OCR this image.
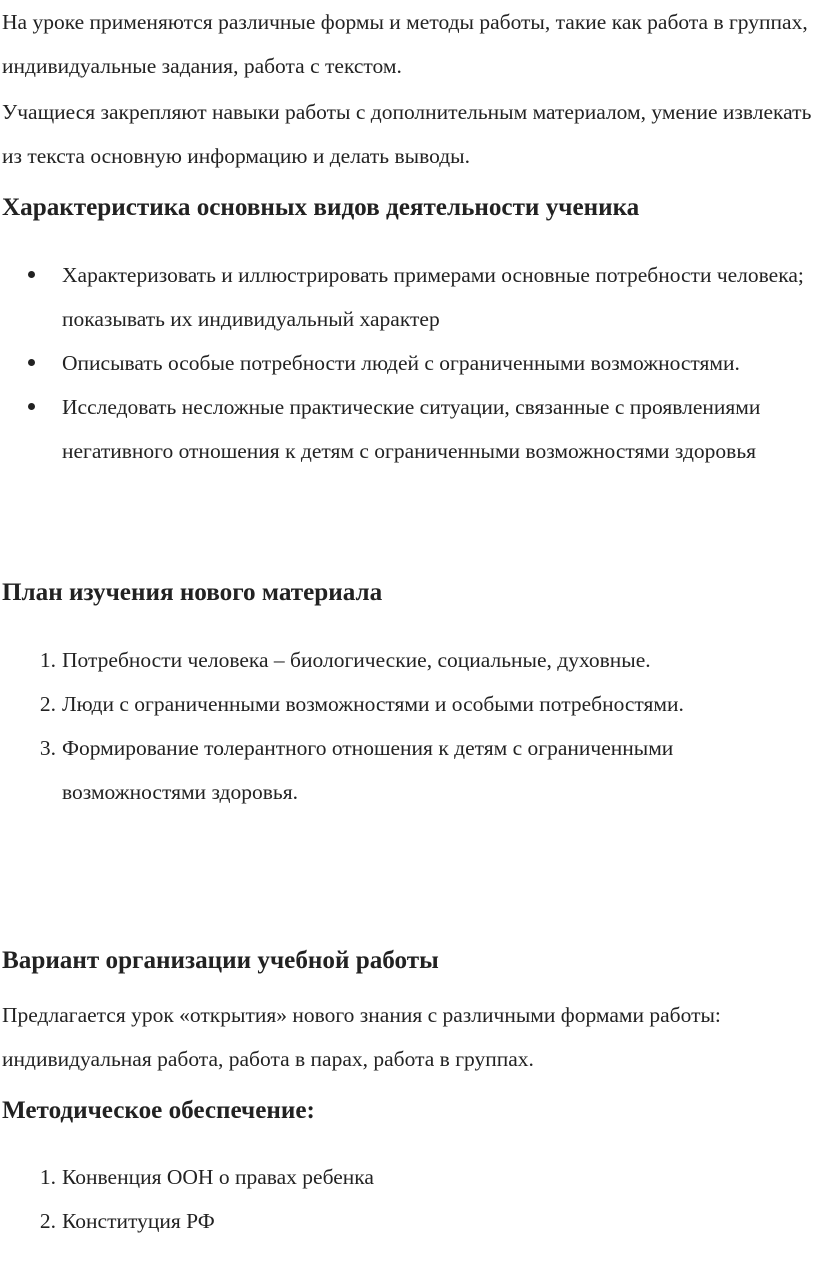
На уроке применяются различные формы и методы работы, такие как работа в группах, индивидуальные задания, работа с текстом.

Учащиеся закрепляют навыки работы с дополнительным материалом, умение извлекать из текста основную информацию и делать выводы.

Характеристика основных видов деятельности ученика
Характеризовать и иллюстрировать примерами основные потребности человека; показывать их индивидуальный характер
Описывать особые потребности людей с ограниченными возможностями.
Исследовать несложные практические ситуации, связанные с проявлениями негативного отношения к детям с ограниченными возможностями здоровья
План изучения нового материала
1. Потребности человека – биологические, социальные, духовные.
2. Люди с ограниченными возможностями и особыми потребностями.
3. Формирование толерантного отношения к детям с ограниченными возможностями здоровья.
Вариант организации учебной работы

Предлагается урок «открытия» нового знания с различными формами работы: индивидуальная работа, работа в парах, работа в группах.

Методическое обеспечение:
1. Конвенция ООН о правах ребенка
2. Конституция РФ
